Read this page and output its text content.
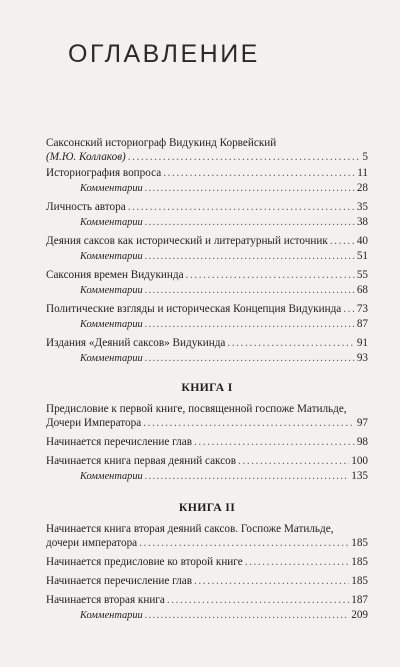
ОГЛАВЛЕНИЕ
Саксонский историограф Видукинд Корвейский
(М.Ю. Коллаков) . . .	5
Историография вопроса . . .	11
Комментарии . . .	28
Личность автора . . .	35
Комментарии . . .	38
Деяния саксов как исторический и литературный источник . . .	40
Комментарии . . .	51
Саксония времен Видукинда . . .	55
Комментарии . . .	68
Политические взгляды и историческая Концепция Видукинда . . . 73
Комментарии . . .	87
Издания «Деяний саксов» Видукинда . . .	91
Комментарии . . .	93
КНИГА I
Предисловие к первой книге, посвященной госпоже Матильде,
Дочери Императора . . .	97
Начинается перечисление глав . . .	98
Начинается книга первая деяний саксов . . .	100
Комментарии . . .	135
КНИГА II
Начинается книга вторая деяний саксов. Госпоже Матильде,
дочери императора . . .	185
Начинается предисловие ко второй книге . . .	185
Начинается перечисление глав . . .	185
Начинается вторая книга . . .	187
Комментарии . . .	209
